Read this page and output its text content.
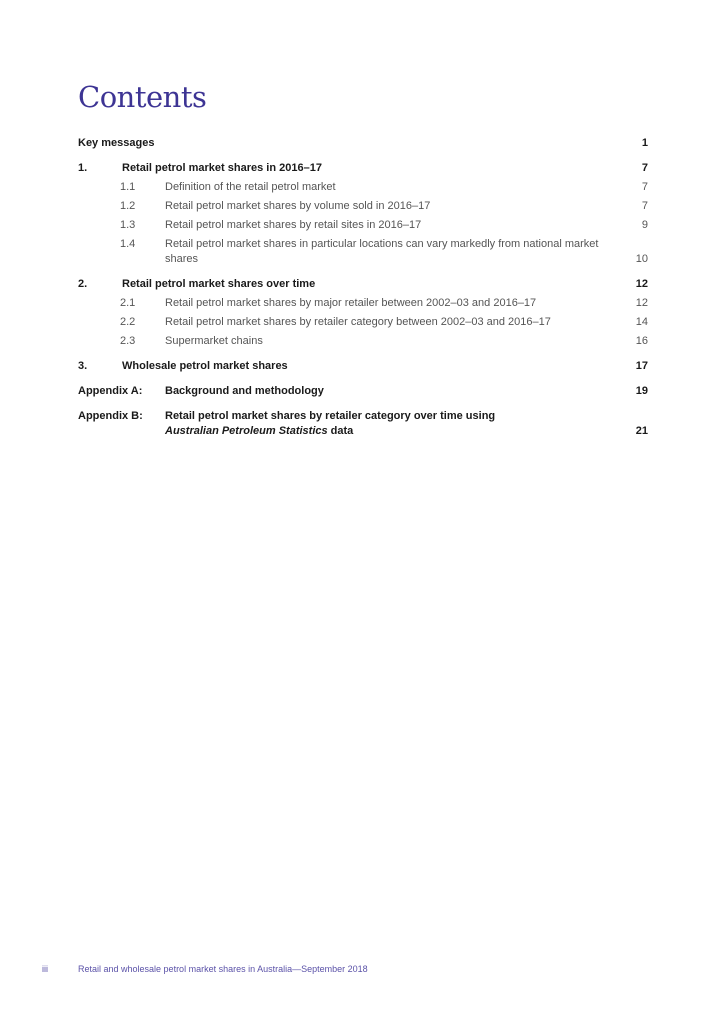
Contents
Key messages	1
1.	Retail petrol market shares in 2016–17	7
1.1	Definition of the retail petrol market	7
1.2	Retail petrol market shares by volume sold in 2016–17	7
1.3	Retail petrol market shares by retail sites in 2016–17	9
1.4	Retail petrol market shares in particular locations can vary markedly from national market shares	10
2.	Retail petrol market shares over time	12
2.1	Retail petrol market shares by major retailer between 2002–03 and 2016–17	12
2.2	Retail petrol market shares by retailer category between 2002–03 and 2016–17	14
2.3	Supermarket chains	16
3.	Wholesale petrol market shares	17
Appendix A:	Background and methodology	19
Appendix B:	Retail petrol market shares by retailer category over time using
Australian Petroleum Statistics data	21
iii	Retail and wholesale petrol market shares in Australia—September 2018
